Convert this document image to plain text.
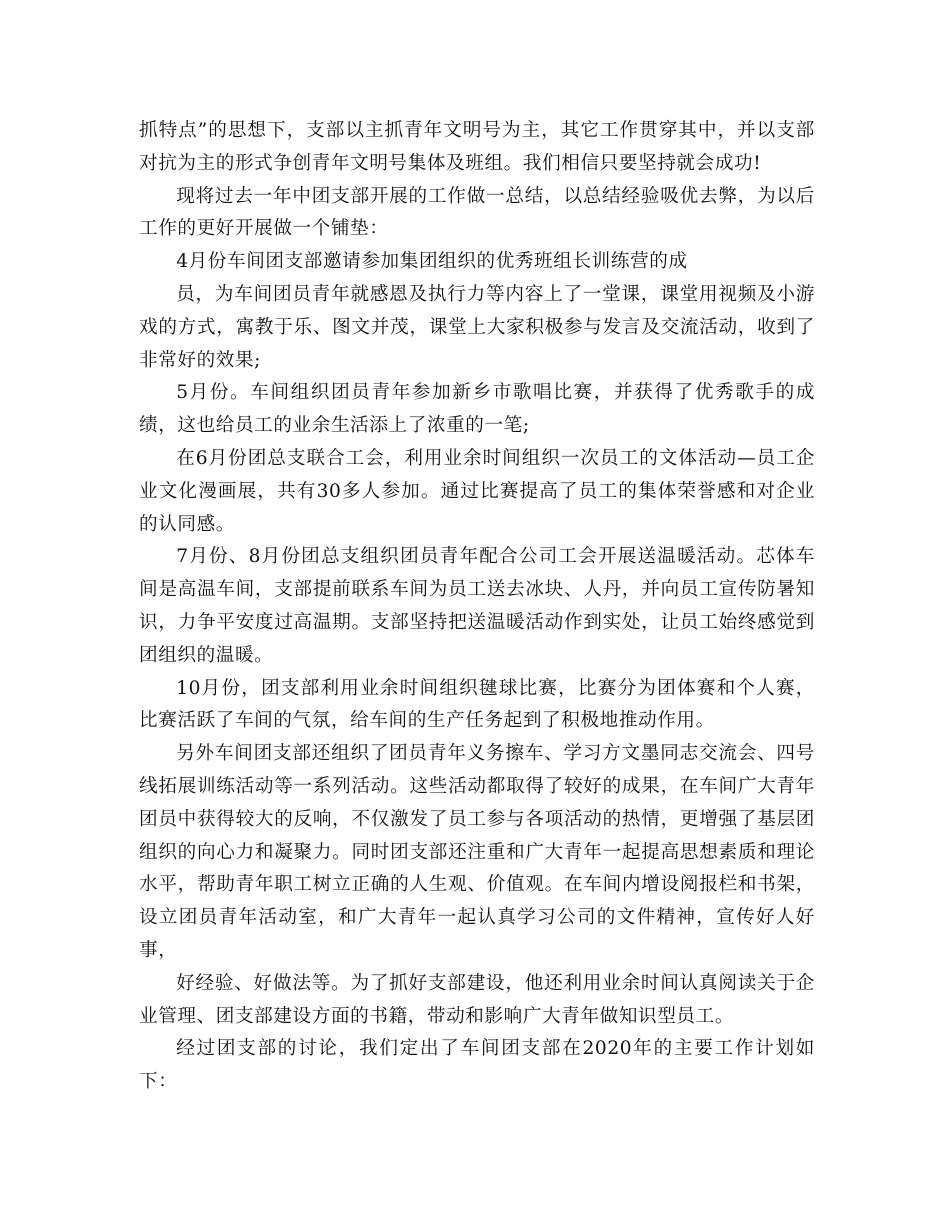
抓特点”的思想下，支部以主抓青年文明号为主，其它工作贯穿其中，并以支部对抗为主的形式争创青年文明号集体及班组。我们相信只要坚持就会成功!

现将过去一年中团支部开展的工作做一总结，以总结经验吸优去弊，为以后工作的更好开展做一个铺垫：

4月份车间团支部邀请参加集团组织的优秀班组长训练营的成

员，为车间团员青年就感恩及执行力等内容上了一堂课，课堂用视频及小游戏的方式，寓教于乐、图文并茂，课堂上大家积极参与发言及交流活动，收到了非常好的效果;

5月份。车间组织团员青年参加新乡市歌唱比赛，并获得了优秀歌手的成绩，这也给员工的业余生活添上了浓重的一笔;

在6月份团总支联合工会，利用业余时间组织一次员工的文体活动—员工企业文化漫画展，共有30多人参加。通过比赛提高了员工的集体荣誉感和对企业的认同感。

7月份、8月份团总支组织团员青年配合公司工会开展送温暖活动。芯体车间是高温车间，支部提前联系车间为员工送去冰块、人丹，并向员工宣传防暑知识，力争平安度过高温期。支部坚持把送温暖活动作到实处，让员工始终感觉到团组织的温暖。

10月份，团支部利用业余时间组织毽球比赛，比赛分为团体赛和个人赛，比赛活跃了车间的气氛，给车间的生产任务起到了积极地推动作用。

另外车间团支部还组织了团员青年义务擦车、学习方文墨同志交流会、四号线拓展训练活动等一系列活动。这些活动都取得了较好的成果，在车间广大青年团员中获得较大的反响，不仅激发了员工参与各项活动的热情，更增强了基层团组织的向心力和凝聚力。同时团支部还注重和广大青年一起提高思想素质和理论水平，帮助青年职工树立正确的人生观、价值观。在车间内增设阅报栏和书架，设立团员青年活动室，和广大青年一起认真学习公司的文件精神，宣传好人好事，

好经验、好做法等。为了抓好支部建设，他还利用业余时间认真阅读关于企业管理、团支部建设方面的书籍，带动和影响广大青年做知识型员工。

经过团支部的讨论，我们定出了车间团支部在2020年的主要工作计划如下：
